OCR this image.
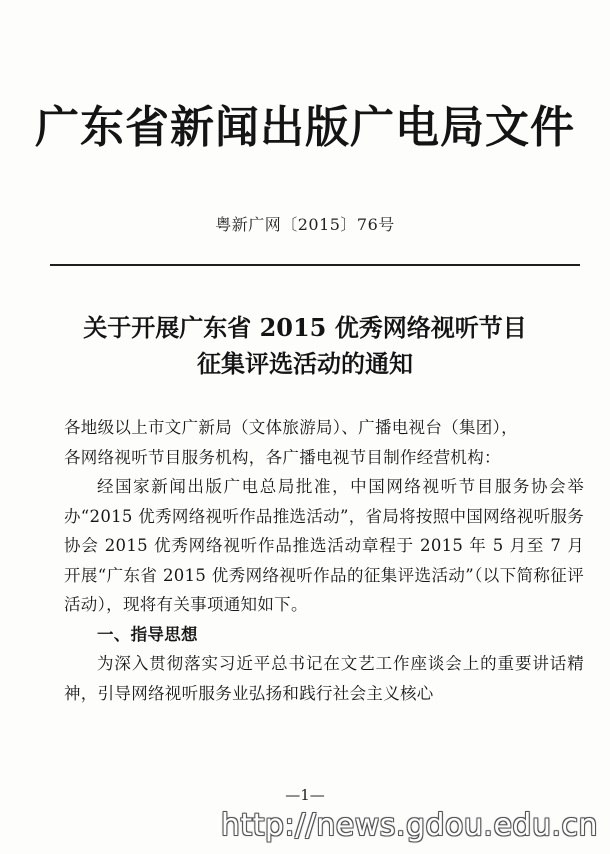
广东省新闻出版广电局文件
粤新广网〔2015〕76号
关于开展广东省 2015 优秀网络视听节目
征集评选活动的通知

各地级以上市文广新局（文体旅游局）、广播电视台（集团），

各网络视听节目服务机构，各广播电视节目制作经营机构：

经国家新闻出版广电总局批准，中国网络视听节目服务协会举办“2015 优秀网络视听作品推选活动”，省局将按照中国网络视听服务协会 2015 优秀网络视听作品推选活动章程于 2015 年 5 月至 7 月开展“广东省 2015 优秀网络视听作品的征集评选活动”（以下简称征评活动），现将有关事项通知如下。

一、指导思想

为深入贯彻落实习近平总书记在文艺工作座谈会上的重要讲话精神，引导网络视听服务业弘扬和践行社会主义核心

—1—
http://news.gdou.edu.cn
